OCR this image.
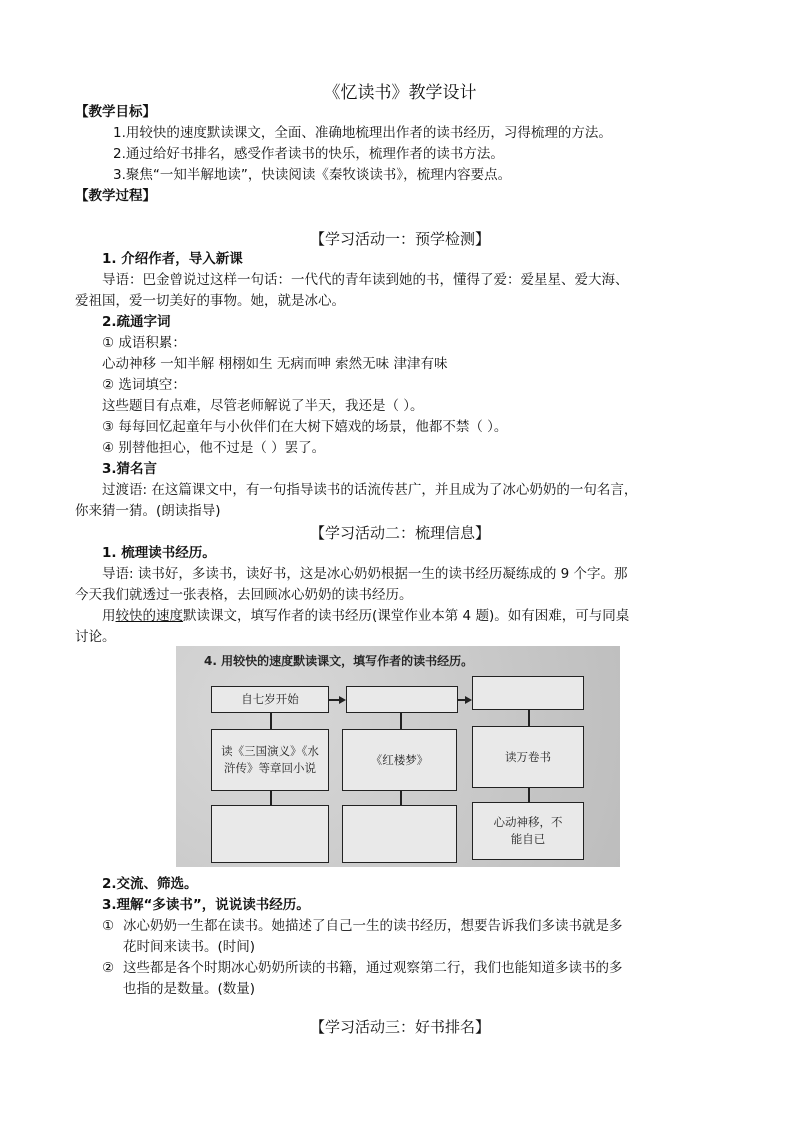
《忆读书》教学设计
【教学目标】
1.用较快的速度默读课文，全面、准确地梳理出作者的读书经历，习得梳理的方法。
2.通过给好书排名，感受作者读书的快乐，梳理作者的读书方法。
3.聚焦“一知半解地读”，快读阅读《秦牧谈读书》，梳理内容要点。
【教学过程】
【学习活动一：预学检测】
1. 介绍作者，导入新课
导语：巴金曾说过这样一句话：一代代的青年读到她的书，懂得了爱：爱星星、爱大海、
爱祖国，爱一切美好的事物。她，就是冰心。
2.疏通字词
① 成语积累：
心动神移 一知半解 栩栩如生 无病而呻 索然无味 津津有味
② 选词填空：
这些题目有点难，尽管老师解说了半天，我还是（ ）。
③ 每每回忆起童年与小伙伴们在大树下嬉戏的场景，他都不禁（ ）。
④ 别替他担心，他不过是（ ）罢了。
3.猜名言
过渡语: 在这篇课文中，有一句指导读书的话流传甚广，并且成为了冰心奶奶的一句名言，
你来猜一猜。(朗读指导)
【学习活动二：梳理信息】
1. 梳理读书经历。
导语: 读书好，多读书，读好书，这是冰心奶奶根据一生的读书经历凝练成的 9 个字。那
今天我们就透过一张表格，去回顾冰心奶奶的读书经历。
用较快的速度默读课文，填写作者的读书经历(课堂作业本第 4 题)。如有困难，可与同桌
讨论。
4. 用较快的速度默读课文，填写作者的读书经历。
自七岁开始
读《三国演义》《水浒传》等章回小说
《红楼梦》	读万卷书
心动神移，不能自已
2.交流、筛选。
3.理解“多读书”，说说读书经历。
① 冰心奶奶一生都在读书。她描述了自己一生的读书经历，想要告诉我们多读书就是多
花时间来读书。(时间)
② 这些都是各个时期冰心奶奶所读的书籍，通过观察第二行，我们也能知道多读书的多
也指的是数量。(数量)
【学习活动三：好书排名】
